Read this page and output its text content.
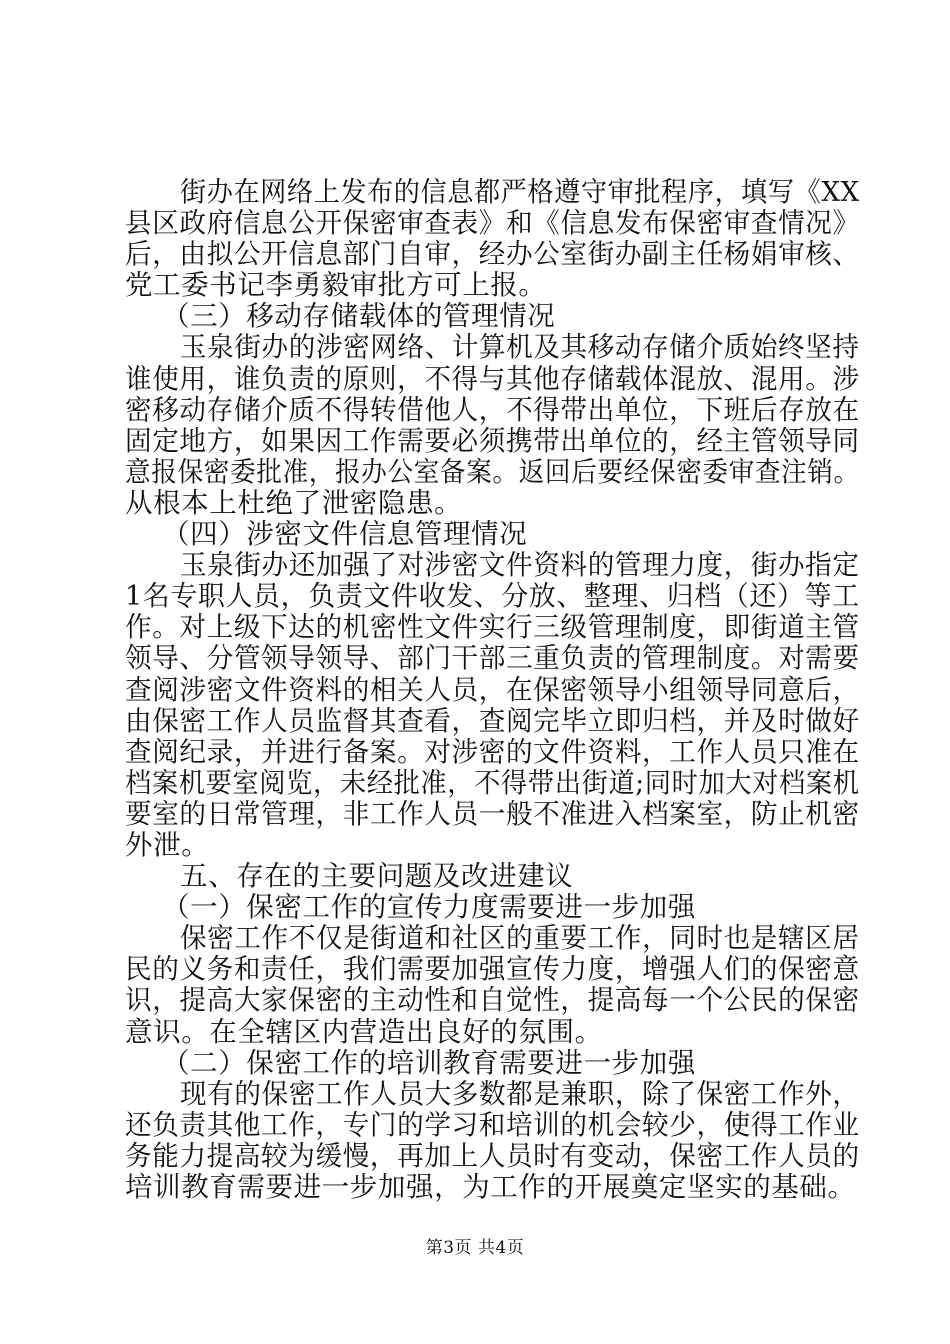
街办在网络上发布的信息都严格遵守审批程序，填写《XX
县区政府信息公开保密审查表》和《信息发布保密审查情况》
后，由拟公开信息部门自审，经办公室街办副主任杨娟审核、
党工委书记李勇毅审批方可上报。
（三）移动存储载体的管理情况
玉泉街办的涉密网络、计算机及其移动存储介质始终坚持
谁使用，谁负责的原则，不得与其他存储载体混放、混用。涉
密移动存储介质不得转借他人，不得带出单位，下班后存放在
固定地方，如果因工作需要必须携带出单位的，经主管领导同
意报保密委批准，报办公室备案。返回后要经保密委审查注销。
从根本上杜绝了泄密隐患。
（四）涉密文件信息管理情况
玉泉街办还加强了对涉密文件资料的管理力度，街办指定
1名专职人员，负责文件收发、分放、整理、归档（还）等工
作。对上级下达的机密性文件实行三级管理制度，即街道主管
领导、分管领导领导、部门干部三重负责的管理制度。对需要
查阅涉密文件资料的相关人员，在保密领导小组领导同意后，
由保密工作人员监督其查看，查阅完毕立即归档，并及时做好
查阅纪录，并进行备案。对涉密的文件资料，工作人员只准在
档案机要室阅览，未经批准，不得带出街道;同时加大对档案机
要室的日常管理，非工作人员一般不准进入档案室，防止机密
外泄。
五、存在的主要问题及改进建议
（一）保密工作的宣传力度需要进一步加强
保密工作不仅是街道和社区的重要工作，同时也是辖区居
民的义务和责任，我们需要加强宣传力度，增强人们的保密意
识，提高大家保密的主动性和自觉性，提高每一个公民的保密
意识。在全辖区内营造出良好的氛围。
（二）保密工作的培训教育需要进一步加强
现有的保密工作人员大多数都是兼职，除了保密工作外，
还负责其他工作，专门的学习和培训的机会较少，使得工作业
务能力提高较为缓慢，再加上人员时有变动，保密工作人员的
培训教育需要进一步加强，为工作的开展奠定坚实的基础。
第3页 共4页
